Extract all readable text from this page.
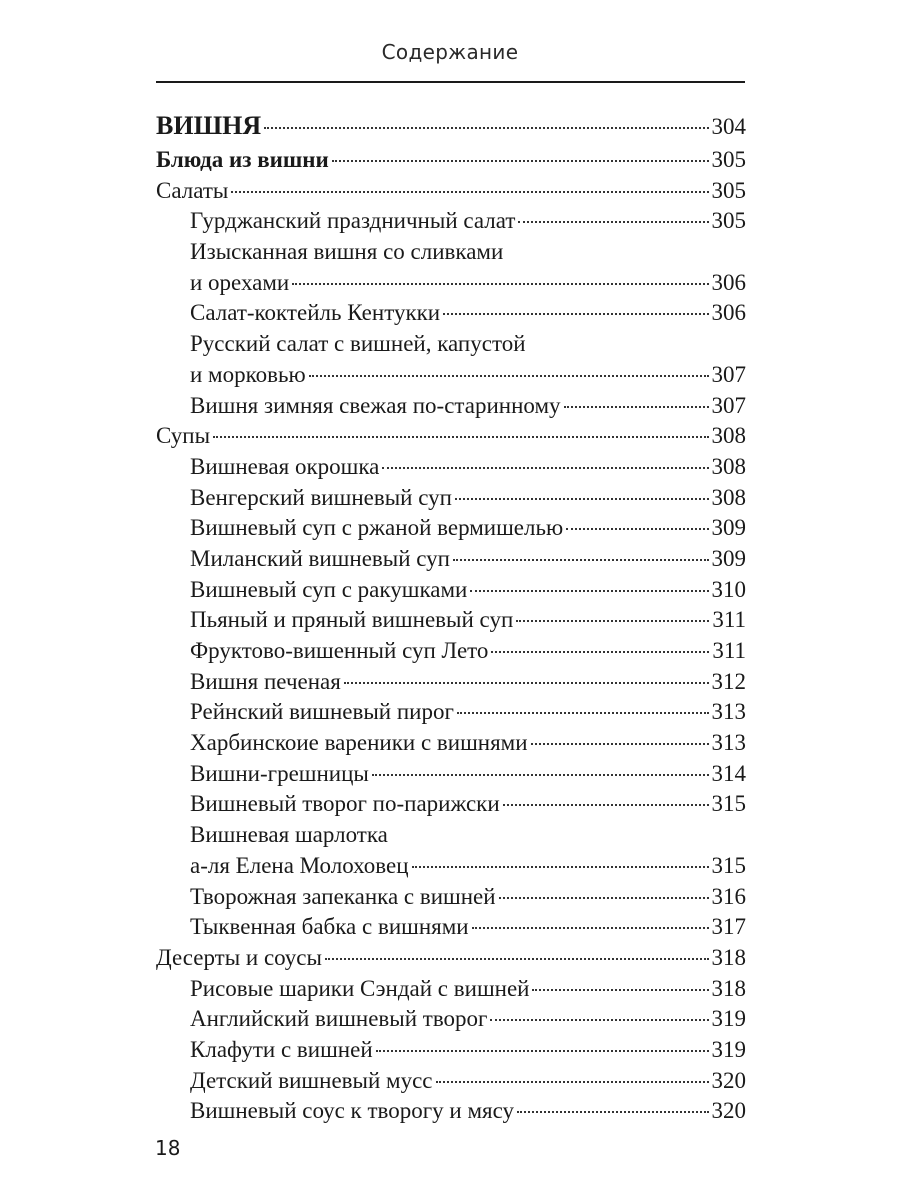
Содержание
ВИШНЯ	304
Блюда из вишни	305
Салаты	305
Гурджанский праздничный салат	305
Изысканная вишня со сливками
и орехами	306
Салат-коктейль Кентукки	306
Русский салат с вишней, капустой
и морковью	307
Вишня зимняя свежая по-старинному	307
Супы	308
Вишневая окрошка	308
Венгерский вишневый суп	308
Вишневый суп с ржаной вермишелью	309
Миланский вишневый суп	309
Вишневый суп с ракушками	310
Пьяный и пряный вишневый суп	311
Фруктово-вишенный суп Лето	311
Вишня печеная	312
Рейнский вишневый пирог	313
Харбинскоие вареники с вишнями	313
Вишни-грешницы	314
Вишневый творог по-парижски	315
Вишневая шарлотка
а-ля Елена Молоховец	315
Творожная запеканка с вишней	316
Тыквенная бабка с вишнями	317
Десерты и соусы	318
Рисовые шарики Сэндай с вишней	318
Английский вишневый творог	319
Клафути с вишней	319
Детский вишневый мусс	320
Вишневый соус к творогу и мясу	320
18
